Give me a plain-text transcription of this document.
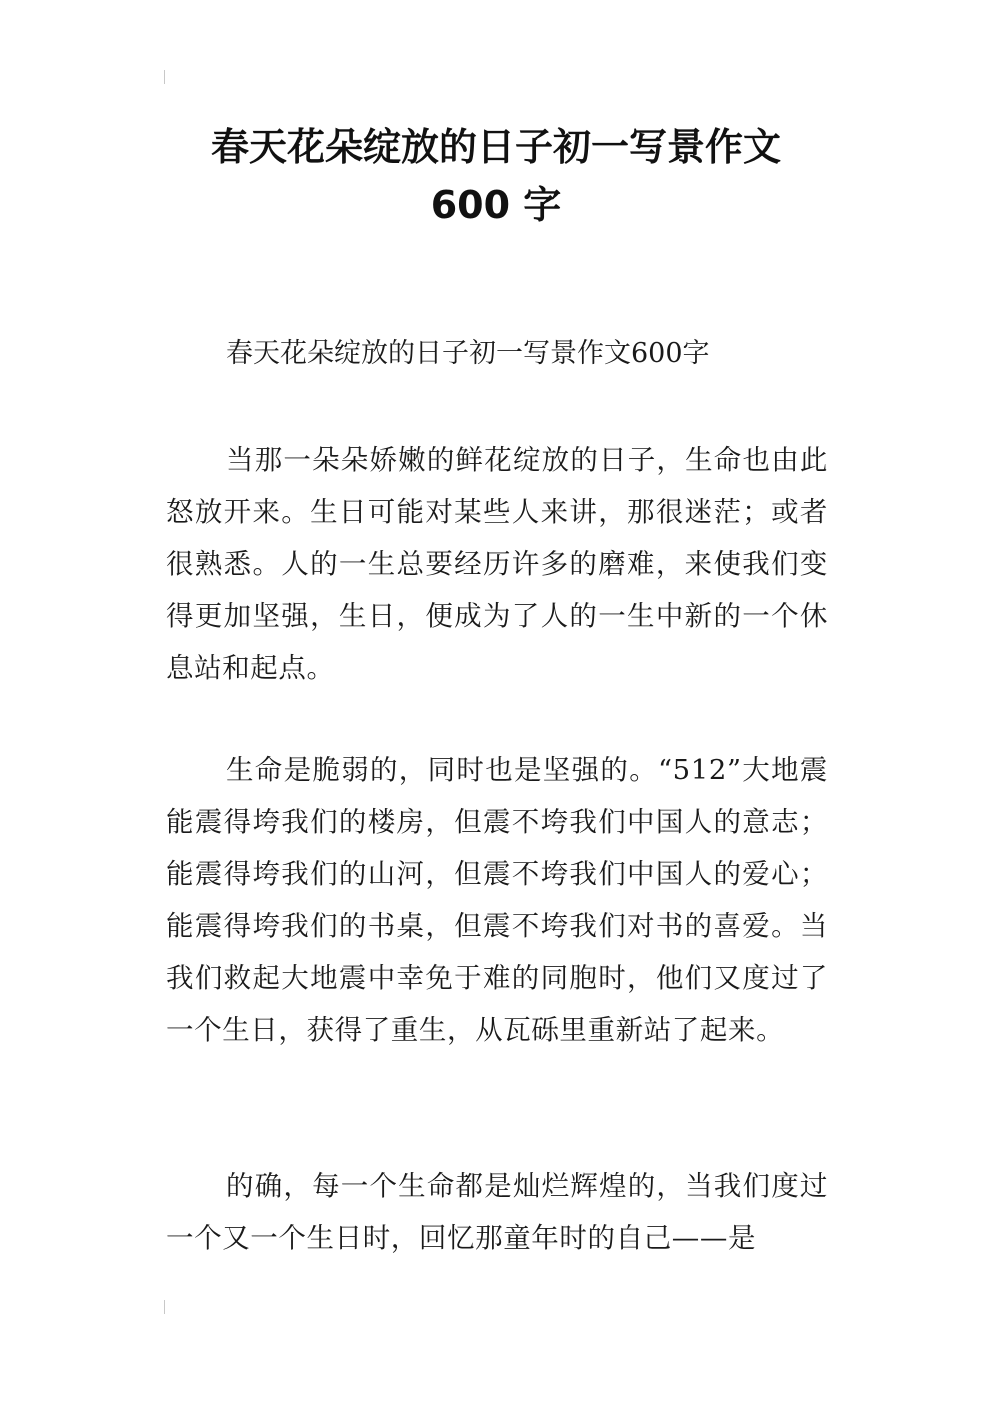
春天花朵绽放的日子初一写景作文
600 字
春天花朵绽放的日子初一写景作文600字

当那一朵朵娇嫩的鲜花绽放的日子，生命也由此怒放开来。生日可能对某些人来讲，那很迷茫；或者很熟悉。人的一生总要经历许多的磨难，来使我们变得更加坚强，生日，便成为了人的一生中新的一个休息站和起点。

生命是脆弱的，同时也是坚强的。“512”大地震能震得垮我们的楼房，但震不垮我们中国人的意志；能震得垮我们的山河，但震不垮我们中国人的爱心；能震得垮我们的书桌，但震不垮我们对书的喜爱。当我们救起大地震中幸免于难的同胞时，他们又度过了一个生日，获得了重生，从瓦砾里重新站了起来。

的确，每一个生命都是灿烂辉煌的，当我们度过一个又一个生日时，回忆那童年时的自己——是
